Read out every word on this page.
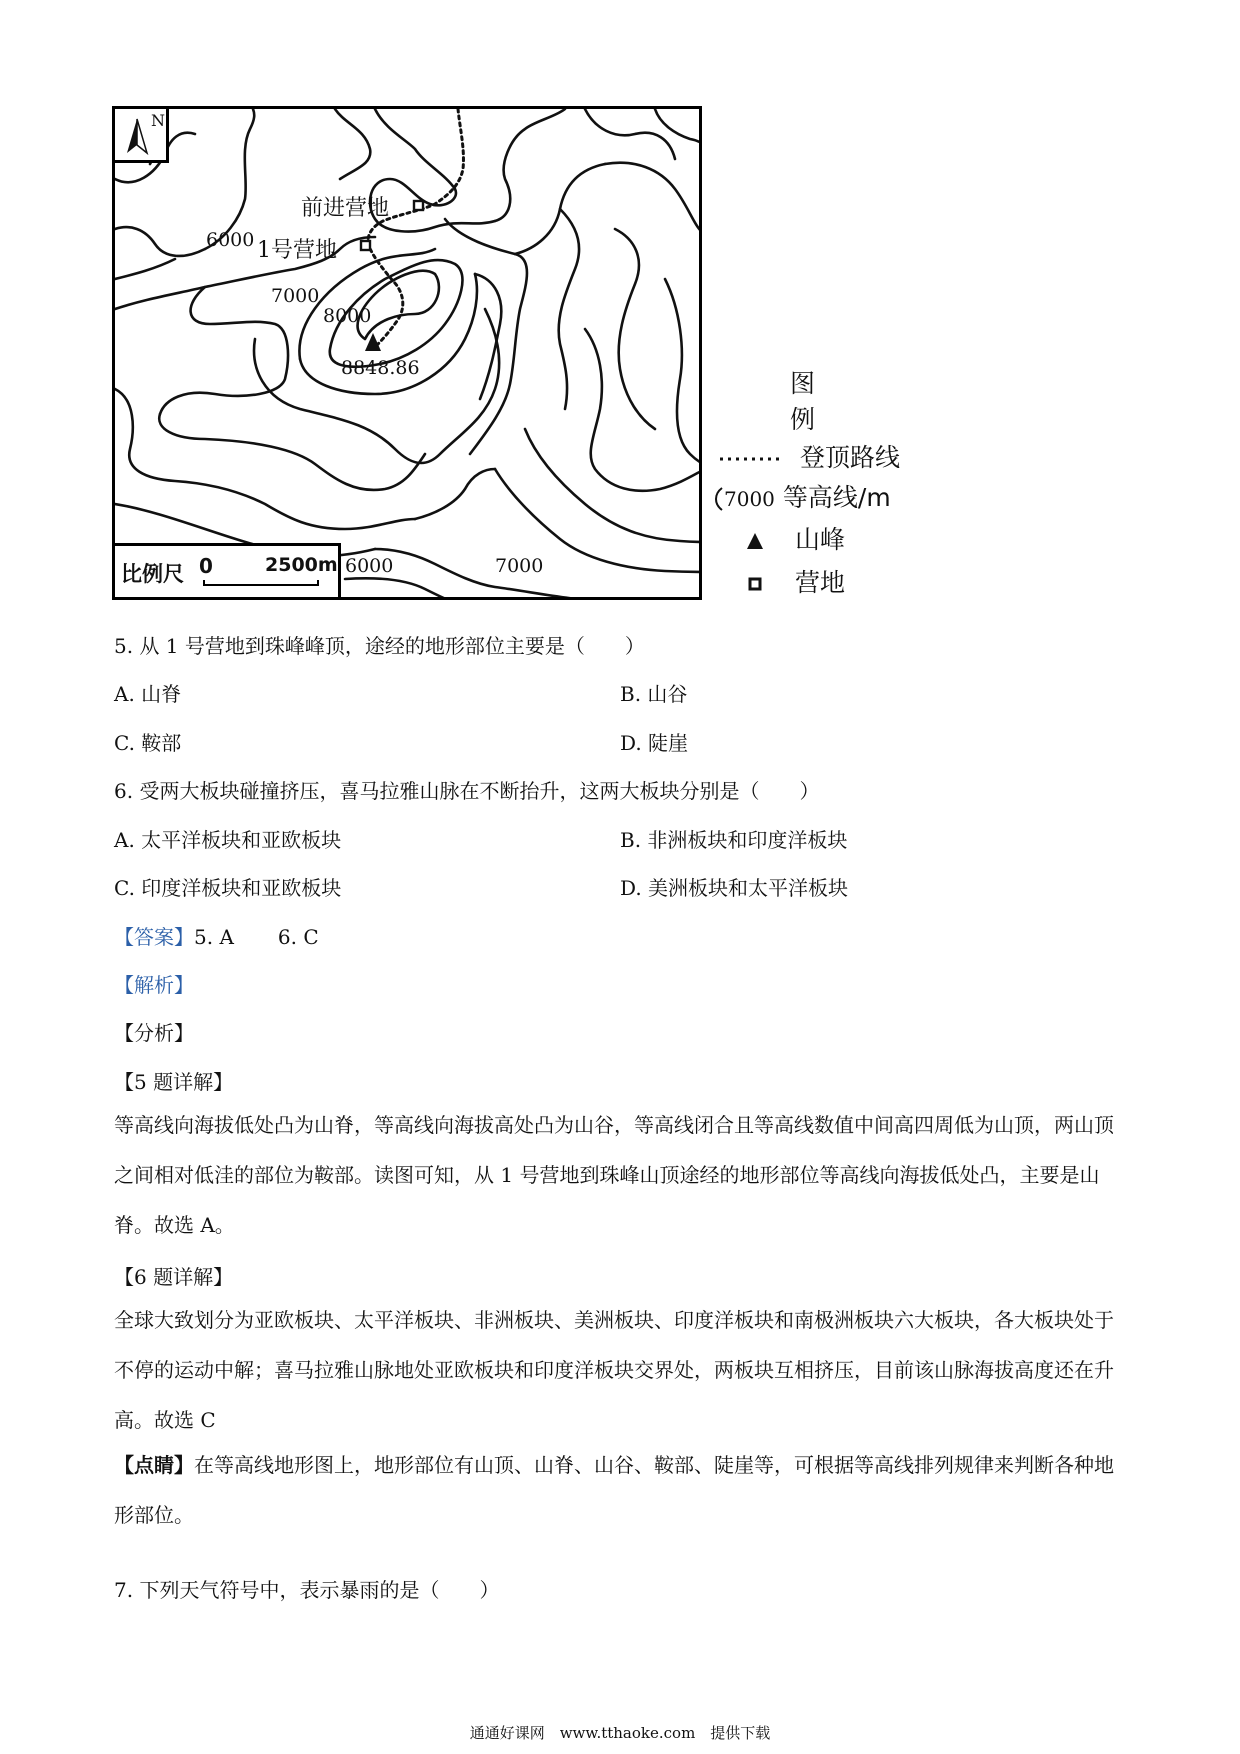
N
前进营地
1号营地
6000
7000
8000
8848.86
6000	7000
比例尺 0	2500m
图例
登顶路线
7000 等高线/m
山峰
营地
5. 从 1 号营地到珠峰峰顶，途经的地形部位主要是（　　）
A. 山脊	B. 山谷
C. 鞍部	D. 陡崖
6. 受两大板块碰撞挤压，喜马拉雅山脉在不断抬升，这两大板块分别是（　　）
A. 太平洋板块和亚欧板块	B. 非洲板块和印度洋板块
C. 印度洋板块和亚欧板块	D. 美洲板块和太平洋板块
【答案】5. A 6. C
【解析】
【分析】
【5 题详解】
等高线向海拔低处凸为山脊，等高线向海拔高处凸为山谷，等高线闭合且等高线数值中间高四周低为山顶，两山顶之间相对低洼的部位为鞍部。读图可知，从 1 号营地到珠峰山顶途经的地形部位等高线向海拔低处凸，主要是山脊。故选 A。
【6 题详解】
全球大致划分为亚欧板块、太平洋板块、非洲板块、美洲板块、印度洋板块和南极洲板块六大板块，各大板块处于不停的运动中解；喜马拉雅山脉地处亚欧板块和印度洋板块交界处，两板块互相挤压，目前该山脉海拔高度还在升高。故选 C
【点睛】在等高线地形图上，地形部位有山顶、山脊、山谷、鞍部、陡崖等，可根据等高线排列规律来判断各种地形部位。
7. 下列天气符号中，表示暴雨的是（　　）
通通好课网　www.tthaoke.com　提供下载
